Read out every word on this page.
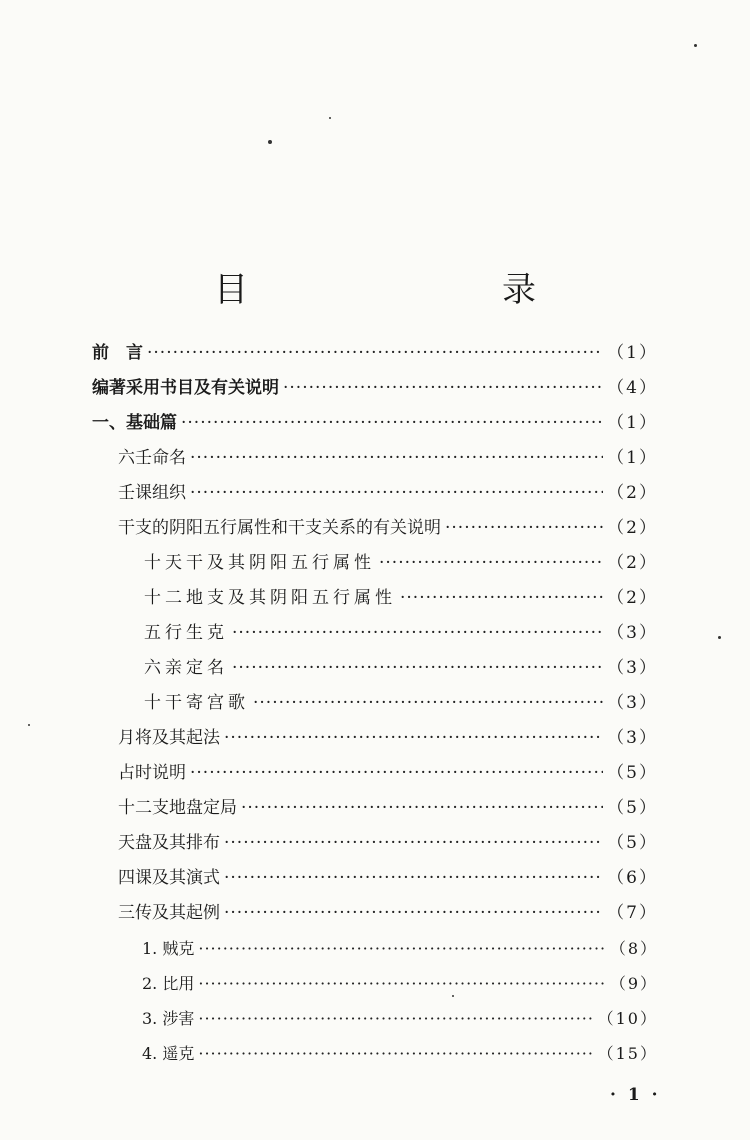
目　　录
前　言 ·····	（1）
编著采用书目及有关说明 ·····	（4）
一、基础篇 ·····	（1）
六壬命名 ·····	（1）
壬课组织 ·····	（2）
干支的阴阳五行属性和干支关系的有关说明 ·····	（2）
十天干及其阴阳五行属性 ·····	（2）
十二地支及其阴阳五行属性 ·····	（2）
五行生克 ·····	（3）
六亲定名 ·····	（3）
十干寄宫歌 ·····	（3）
月将及其起法 ·····	（3）
占时说明 ·····	（5）
十二支地盘定局 ·····	（5）
天盘及其排布 ·····	（5）
四课及其演式 ·····	（6）
三传及其起例 ·····	（7）
1. 贼克 ·····	（8）
2. 比用 ·····	（9）
3. 涉害 ·····	（10）
4. 遥克 ·····	（15）
· 1 ·
